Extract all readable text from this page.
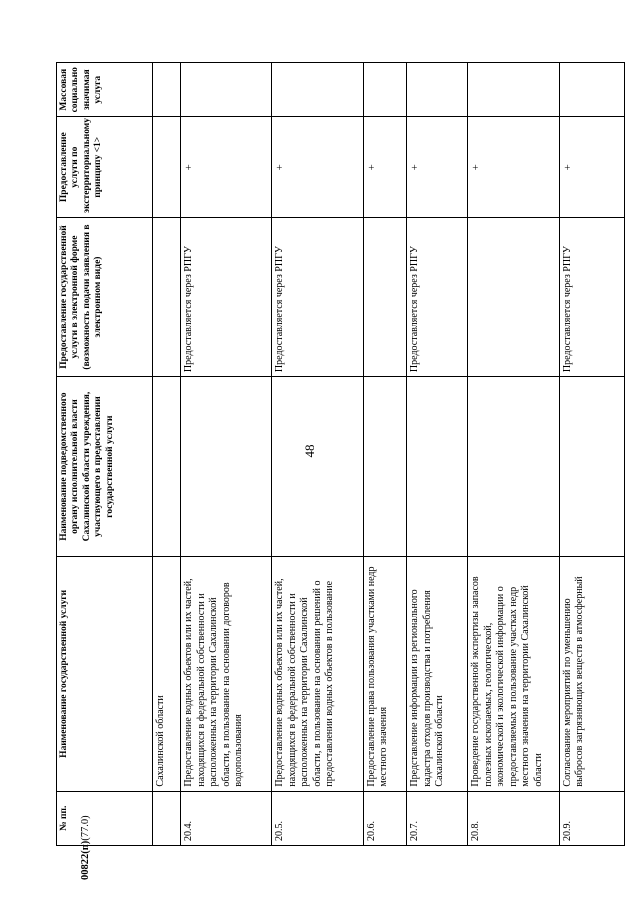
48
№ пп.	Наименование государственной услуги	Наименование подведомственного органу исполнительной власти Сахалинской области учреждения, участвующего в предоставлении государственной услуги	Предоставление государственной услуги в электронной форме (возможность подачи заявления в электронном виде)	Предоставление услуги по экстерриториальному принципу <1>	Массовая социально значимая услуга
	Сахалинской области				
20.4.	Предоставление водных объектов или их частей, находящихся в федеральной собственности и расположенных на территории Сахалинской области, в пользование на основании договоров водопользования		Предоставляется через РПГУ	+	
20.5.	Предоставление водных объектов или их частей, находящихся в федеральной собственности и расположенных на территории Сахалинской области, в пользование на основании решений о предоставлении водных объектов в пользование		Предоставляется через РПГУ	+	
20.6.	Предоставление права пользования участками недр местного значения			+	
20.7.	Представление информации из регионального кадастра отходов производства и потребления Сахалинской области		Предоставляется через РПГУ	+	
20.8.	Проведение государственной экспертизы запасов полезных ископаемых, геологической, экономической и экологической информации о предоставляемых в пользование участках недр местного значения на территории Сахалинской области			+	
20.9.	Согласование мероприятий по уменьшению выбросов загрязняющих веществ в атмосферный		Предоставляется через РПГУ	+	
00822(п)(77.0)
